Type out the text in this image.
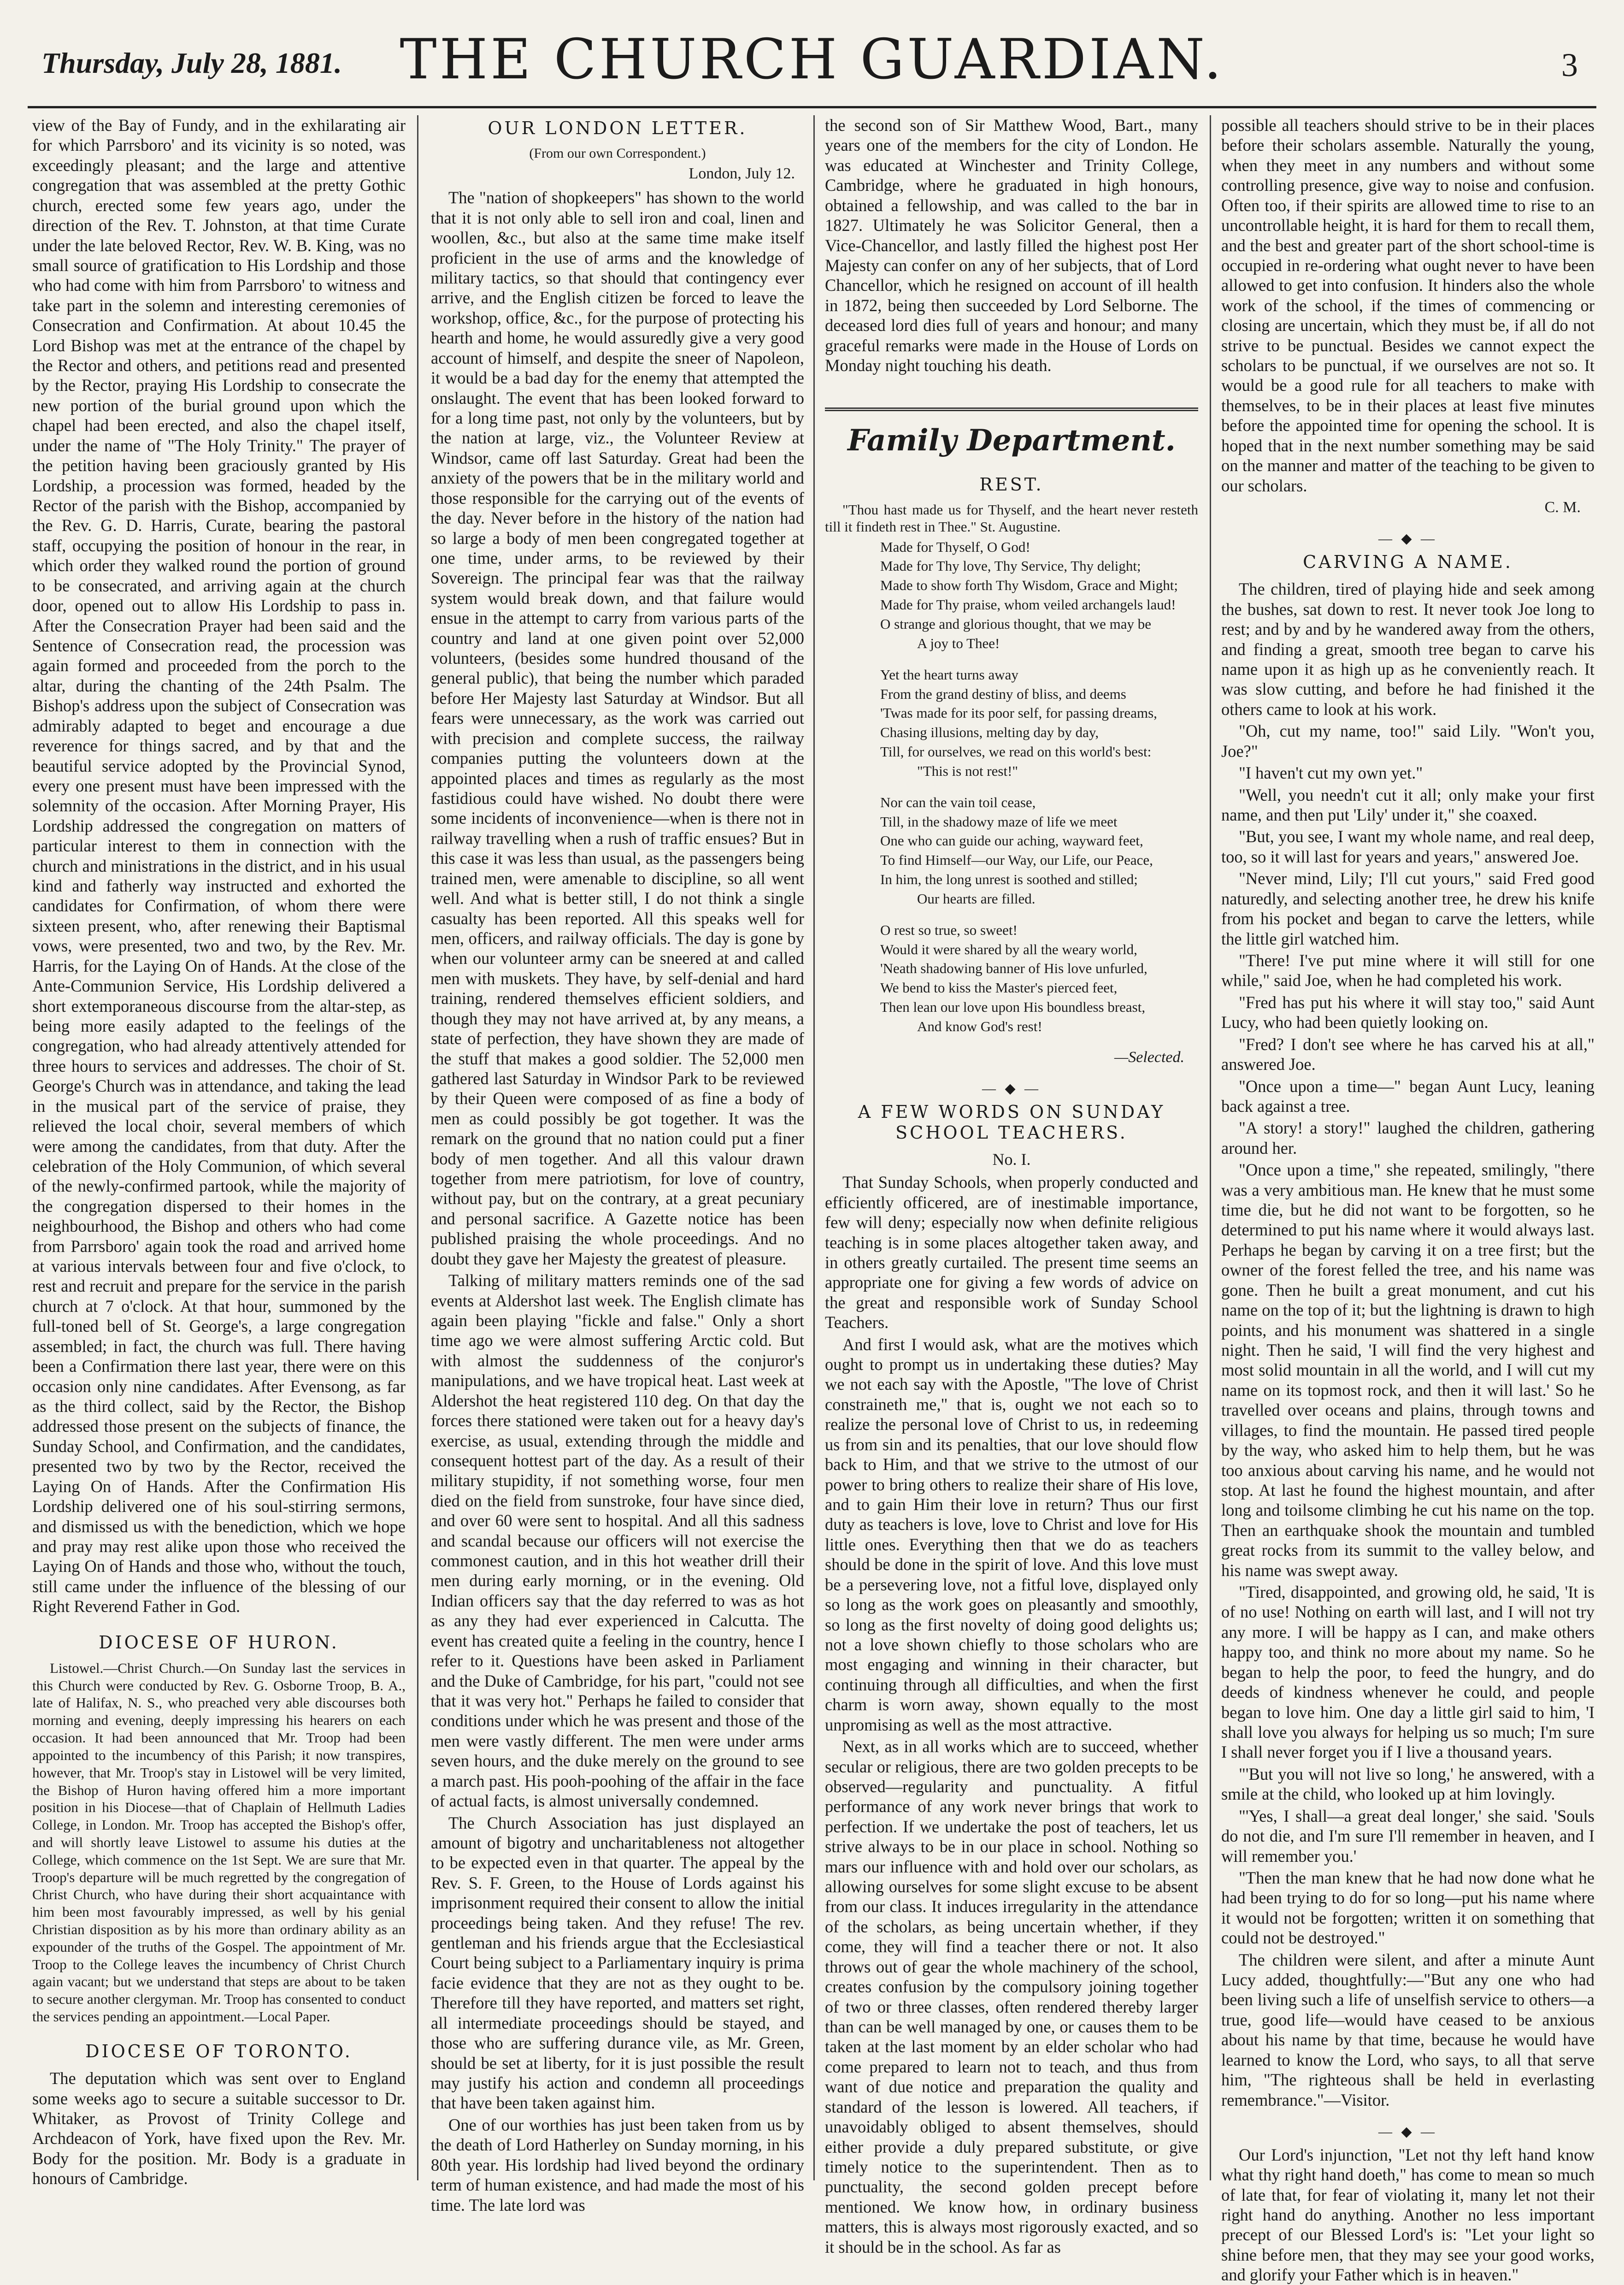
Thursday, July 28, 1881.	THE CHURCH GUARDIAN.	3

view of the Bay of Fundy, and in the exhilarating air for which Parrsboro' and its vicinity is so noted, was exceedingly pleasant; and the large and attentive congregation that was assembled at the pretty Gothic church, erected some few years ago, under the direction of the Rev. T. Johnston, at that time Curate under the late beloved Rector, Rev. W. B. King, was no small source of gratification to His Lordship and those who had come with him from Parrsboro' to witness and take part in the solemn and interesting ceremonies of Consecration and Confirmation. At about 10.45 the Lord Bishop was met at the entrance of the chapel by the Rector and others, and petitions read and presented by the Rector, praying His Lordship to consecrate the new portion of the burial ground upon which the chapel had been erected, and also the chapel itself, under the name of "The Holy Trinity." The prayer of the petition having been graciously granted by His Lordship, a procession was formed, headed by the Rector of the parish with the Bishop, accompanied by the Rev. G. D. Harris, Curate, bearing the pastoral staff, occupying the position of honour in the rear, in which order they walked round the portion of ground to be consecrated, and arriving again at the church door, opened out to allow His Lordship to pass in. After the Consecration Prayer had been said and the Sentence of Consecration read, the procession was again formed and proceeded from the porch to the altar, during the chanting of the 24th Psalm. The Bishop's address upon the subject of Consecration was admirably adapted to beget and encourage a due reverence for things sacred, and by that and the beautiful service adopted by the Provincial Synod, every one present must have been impressed with the solemnity of the occasion. After Morning Prayer, His Lordship addressed the congregation on matters of particular interest to them in connection with the church and ministrations in the district, and in his usual kind and fatherly way instructed and exhorted the candidates for Confirmation, of whom there were sixteen present, who, after renewing their Baptismal vows, were presented, two and two, by the Rev. Mr. Harris, for the Laying On of Hands. At the close of the Ante-Communion Service, His Lordship delivered a short extemporaneous discourse from the altar-step, as being more easily adapted to the feelings of the congregation, who had already attentively attended for three hours to services and addresses. The choir of St. George's Church was in attendance, and taking the lead in the musical part of the service of praise, they relieved the local choir, several members of which were among the candidates, from that duty. After the celebration of the Holy Communion, of which several of the newly-confirmed partook, while the majority of the congregation dispersed to their homes in the neighbourhood, the Bishop and others who had come from Parrsboro' again took the road and arrived home at various intervals between four and five o'clock, to rest and recruit and prepare for the service in the parish church at 7 o'clock. At that hour, summoned by the full-toned bell of St. George's, a large congregation assembled; in fact, the church was full. There having been a Confirmation there last year, there were on this occasion only nine candidates. After Evensong, as far as the third collect, said by the Rector, the Bishop addressed those present on the subjects of finance, the Sunday School, and Confirmation, and the candidates, presented two by two by the Rector, received the Laying On of Hands. After the Confirmation His Lordship delivered one of his soul-stirring sermons, and dismissed us with the benediction, which we hope and pray may rest alike upon those who received the Laying On of Hands and those who, without the touch, still came under the influence of the blessing of our Right Reverend Father in God.

DIOCESE OF HURON.

Listowel.—Christ Church.—On Sunday last the services in this Church were conducted by Rev. G. Osborne Troop, B. A., late of Halifax, N. S., who preached very able discourses both morning and evening, deeply impressing his hearers on each occasion. It had been announced that Mr. Troop had been appointed to the incumbency of this Parish; it now transpires, however, that Mr. Troop's stay in Listowel will be very limited, the Bishop of Huron having offered him a more important position in his Diocese—that of Chaplain of Hellmuth Ladies College, in London. Mr. Troop has accepted the Bishop's offer, and will shortly leave Listowel to assume his duties at the College, which commence on the 1st Sept. We are sure that Mr. Troop's departure will be much regretted by the congregation of Christ Church, who have during their short acquaintance with him been most favourably impressed, as well by his genial Christian disposition as by his more than ordinary ability as an expounder of the truths of the Gospel. The appointment of Mr. Troop to the College leaves the incumbency of Christ Church again vacant; but we understand that steps are about to be taken to secure another clergyman. Mr. Troop has consented to conduct the services pending an appointment.—Local Paper.

DIOCESE OF TORONTO.

The deputation which was sent over to England some weeks ago to secure a suitable successor to Dr. Whitaker, as Provost of Trinity College and Archdeacon of York, have fixed upon the Rev. Mr. Body for the position. Mr. Body is a graduate in honours of Cambridge.

OUR LONDON LETTER.
(From our own Correspondent.)
London, July 12.

The "nation of shopkeepers" has shown to the world that it is not only able to sell iron and coal, linen and woollen, &c., but also at the same time make itself proficient in the use of arms and the knowledge of military tactics, so that should that contingency ever arrive, and the English citizen be forced to leave the workshop, office, &c., for the purpose of protecting his hearth and home, he would assuredly give a very good account of himself, and despite the sneer of Napoleon, it would be a bad day for the enemy that attempted the onslaught. The event that has been looked forward to for a long time past, not only by the volunteers, but by the nation at large, viz., the Volunteer Review at Windsor, came off last Saturday. Great had been the anxiety of the powers that be in the military world and those responsible for the carrying out of the events of the day. Never before in the history of the nation had so large a body of men been congregated together at one time, under arms, to be reviewed by their Sovereign. The principal fear was that the railway system would break down, and that failure would ensue in the attempt to carry from various parts of the country and land at one given point over 52,000 volunteers, (besides some hundred thousand of the general public), that being the number which paraded before Her Majesty last Saturday at Windsor. But all fears were unnecessary, as the work was carried out with precision and complete success, the railway companies putting the volunteers down at the appointed places and times as regularly as the most fastidious could have wished. No doubt there were some incidents of inconvenience—when is there not in railway travelling when a rush of traffic ensues? But in this case it was less than usual, as the passengers being trained men, were amenable to discipline, so all went well. And what is better still, I do not think a single casualty has been reported. All this speaks well for men, officers, and railway officials. The day is gone by when our volunteer army can be sneered at and called men with muskets. They have, by self-denial and hard training, rendered themselves efficient soldiers, and though they may not have arrived at, by any means, a state of perfection, they have shown they are made of the stuff that makes a good soldier. The 52,000 men gathered last Saturday in Windsor Park to be reviewed by their Queen were composed of as fine a body of men as could possibly be got together. It was the remark on the ground that no nation could put a finer body of men together. And all this valour drawn together from mere patriotism, for love of country, without pay, but on the contrary, at a great pecuniary and personal sacrifice. A Gazette notice has been published praising the whole proceedings. And no doubt they gave her Majesty the greatest of pleasure.

Talking of military matters reminds one of the sad events at Aldershot last week. The English climate has again been playing "fickle and false." Only a short time ago we were almost suffering Arctic cold. But with almost the suddenness of the conjuror's manipulations, and we have tropical heat. Last week at Aldershot the heat registered 110 deg. On that day the forces there stationed were taken out for a heavy day's exercise, as usual, extending through the middle and consequent hottest part of the day. As a result of their military stupidity, if not something worse, four men died on the field from sunstroke, four have since died, and over 60 were sent to hospital. And all this sadness and scandal because our officers will not exercise the commonest caution, and in this hot weather drill their men during early morning, or in the evening. Old Indian officers say that the day referred to was as hot as any they had ever experienced in Calcutta. The event has created quite a feeling in the country, hence I refer to it. Questions have been asked in Parliament and the Duke of Cambridge, for his part, "could not see that it was very hot." Perhaps he failed to consider that conditions under which he was present and those of the men were vastly different. The men were under arms seven hours, and the duke merely on the ground to see a march past. His pooh-poohing of the affair in the face of actual facts, is almost universally condemned.

The Church Association has just displayed an amount of bigotry and uncharitableness not altogether to be expected even in that quarter. The appeal by the Rev. S. F. Green, to the House of Lords against his imprisonment required their consent to allow the initial proceedings being taken. And they refuse! The rev. gentleman and his friends argue that the Ecclesiastical Court being subject to a Parliamentary inquiry is prima facie evidence that they are not as they ought to be. Therefore till they have reported, and matters set right, all intermediate proceedings should be stayed, and those who are suffering durance vile, as Mr. Green, should be set at liberty, for it is just possible the result may justify his action and condemn all proceedings that have been taken against him.

One of our worthies has just been taken from us by the death of Lord Hatherley on Sunday morning, in his 80th year. His lordship had lived beyond the ordinary term of human existence, and had made the most of his time. The late lord was

the second son of Sir Matthew Wood, Bart., many years one of the members for the city of London. He was educated at Winchester and Trinity College, Cambridge, where he graduated in high honours, obtained a fellowship, and was called to the bar in 1827. Ultimately he was Solicitor General, then a Vice-Chancellor, and lastly filled the highest post Her Majesty can confer on any of her subjects, that of Lord Chancellor, which he resigned on account of ill health in 1872, being then succeeded by Lord Selborne. The deceased lord dies full of years and honour; and many graceful remarks were made in the House of Lords on Monday night touching his death.

Family Department.
REST.

"Thou hast made us for Thyself, and the heart never resteth till it findeth rest in Thee." St. Augustine.

Made for Thyself, O God!
Made for Thy love, Thy Service, Thy delight;
Made to show forth Thy Wisdom, Grace and Might;
Made for Thy praise, whom veiled archangels laud!
O strange and glorious thought, that we may be
A joy to Thee!
Yet the heart turns away
From the grand destiny of bliss, and deems
'Twas made for its poor self, for passing dreams,
Chasing illusions, melting day by day,
Till, for ourselves, we read on this world's best:
"This is not rest!"
Nor can the vain toil cease,
Till, in the shadowy maze of life we meet
One who can guide our aching, wayward feet,
To find Himself—our Way, our Life, our Peace,
In him, the long unrest is soothed and stilled;
Our hearts are filled.
O rest so true, so sweet!
Would it were shared by all the weary world,
'Neath shadowing banner of His love unfurled,
We bend to kiss the Master's pierced feet,
Then lean our love upon His boundless breast,
And know God's rest!
—Selected.
— ◆ —
A FEW WORDS ON SUNDAY SCHOOL TEACHERS.
No. I.

That Sunday Schools, when properly conducted and efficiently officered, are of inestimable importance, few will deny; especially now when definite religious teaching is in some places altogether taken away, and in others greatly curtailed. The present time seems an appropriate one for giving a few words of advice on the great and responsible work of Sunday School Teachers.

And first I would ask, what are the motives which ought to prompt us in undertaking these duties? May we not each say with the Apostle, "The love of Christ constraineth me," that is, ought we not each so to realize the personal love of Christ to us, in redeeming us from sin and its penalties, that our love should flow back to Him, and that we strive to the utmost of our power to bring others to realize their share of His love, and to gain Him their love in return? Thus our first duty as teachers is love, love to Christ and love for His little ones. Everything then that we do as teachers should be done in the spirit of love. And this love must be a persevering love, not a fitful love, displayed only so long as the work goes on pleasantly and smoothly, so long as the first novelty of doing good delights us; not a love shown chiefly to those scholars who are most engaging and winning in their character, but continuing through all difficulties, and when the first charm is worn away, shown equally to the most unpromising as well as the most attractive.

Next, as in all works which are to succeed, whether secular or religious, there are two golden precepts to be observed—regularity and punctuality. A fitful performance of any work never brings that work to perfection. If we undertake the post of teachers, let us strive always to be in our place in school. Nothing so mars our influence with and hold over our scholars, as allowing ourselves for some slight excuse to be absent from our class. It induces irregularity in the attendance of the scholars, as being uncertain whether, if they come, they will find a teacher there or not. It also throws out of gear the whole machinery of the school, creates confusion by the compulsory joining together of two or three classes, often rendered thereby larger than can be well managed by one, or causes them to be taken at the last moment by an elder scholar who had come prepared to learn not to teach, and thus from want of due notice and preparation the quality and standard of the lesson is lowered. All teachers, if unavoidably obliged to absent themselves, should either provide a duly prepared substitute, or give timely notice to the superintendent. Then as to punctuality, the second golden precept before mentioned. We know how, in ordinary business matters, this is always most rigorously exacted, and so it should be in the school. As far as

possible all teachers should strive to be in their places before their scholars assemble. Naturally the young, when they meet in any numbers and without some controlling presence, give way to noise and confusion. Often too, if their spirits are allowed time to rise to an uncontrollable height, it is hard for them to recall them, and the best and greater part of the short school-time is occupied in re-ordering what ought never to have been allowed to get into confusion. It hinders also the whole work of the school, if the times of commencing or closing are uncertain, which they must be, if all do not strive to be punctual. Besides we cannot expect the scholars to be punctual, if we ourselves are not so. It would be a good rule for all teachers to make with themselves, to be in their places at least five minutes before the appointed time for opening the school. It is hoped that in the next number something may be said on the manner and matter of the teaching to be given to our scholars.

C. M.
— ◆ —
CARVING A NAME.

The children, tired of playing hide and seek among the bushes, sat down to rest. It never took Joe long to rest; and by and by he wandered away from the others, and finding a great, smooth tree began to carve his name upon it as high up as he conveniently reach. It was slow cutting, and before he had finished it the others came to look at his work.

"Oh, cut my name, too!" said Lily. "Won't you, Joe?"

"I haven't cut my own yet."

"Well, you needn't cut it all; only make your first name, and then put 'Lily' under it," she coaxed.

"But, you see, I want my whole name, and real deep, too, so it will last for years and years," answered Joe.

"Never mind, Lily; I'll cut yours," said Fred good naturedly, and selecting another tree, he drew his knife from his pocket and began to carve the letters, while the little girl watched him.

"There! I've put mine where it will still for one while," said Joe, when he had completed his work.

"Fred has put his where it will stay too," said Aunt Lucy, who had been quietly looking on.

"Fred? I don't see where he has carved his at all," answered Joe.

"Once upon a time—" began Aunt Lucy, leaning back against a tree.

"A story! a story!" laughed the children, gathering around her.

"Once upon a time," she repeated, smilingly, "there was a very ambitious man. He knew that he must some time die, but he did not want to be forgotten, so he determined to put his name where it would always last. Perhaps he began by carving it on a tree first; but the owner of the forest felled the tree, and his name was gone. Then he built a great monument, and cut his name on the top of it; but the lightning is drawn to high points, and his monument was shattered in a single night. Then he said, 'I will find the very highest and most solid mountain in all the world, and I will cut my name on its topmost rock, and then it will last.' So he travelled over oceans and plains, through towns and villages, to find the mountain. He passed tired people by the way, who asked him to help them, but he was too anxious about carving his name, and he would not stop. At last he found the highest mountain, and after long and toilsome climbing he cut his name on the top. Then an earthquake shook the mountain and tumbled great rocks from its summit to the valley below, and his name was swept away.

"Tired, disappointed, and growing old, he said, 'It is of no use! Nothing on earth will last, and I will not try any more. I will be happy as I can, and make others happy too, and think no more about my name. So he began to help the poor, to feed the hungry, and do deeds of kindness whenever he could, and people began to love him. One day a little girl said to him, 'I shall love you always for helping us so much; I'm sure I shall never forget you if I live a thousand years.

"'But you will not live so long,' he answered, with a smile at the child, who looked up at him lovingly.

"'Yes, I shall—a great deal longer,' she said. 'Souls do not die, and I'm sure I'll remember in heaven, and I will remember you.'

"Then the man knew that he had now done what he had been trying to do for so long—put his name where it would not be forgotten; written it on something that could not be destroyed."

The children were silent, and after a minute Aunt Lucy added, thoughtfully:—"But any one who had been living such a life of unselfish service to others—a true, good life—would have ceased to be anxious about his name by that time, because he would have learned to know the Lord, who says, to all that serve him, "The righteous shall be held in everlasting remembrance."—Visitor.

— ◆ —

Our Lord's injunction, "Let not thy left hand know what thy right hand doeth," has come to mean so much of late that, for fear of violating it, many let not their right hand do anything. Another no less important precept of our Blessed Lord's is: "Let your light so shine before men, that they may see your good works, and glorify your Father which is in heaven."
